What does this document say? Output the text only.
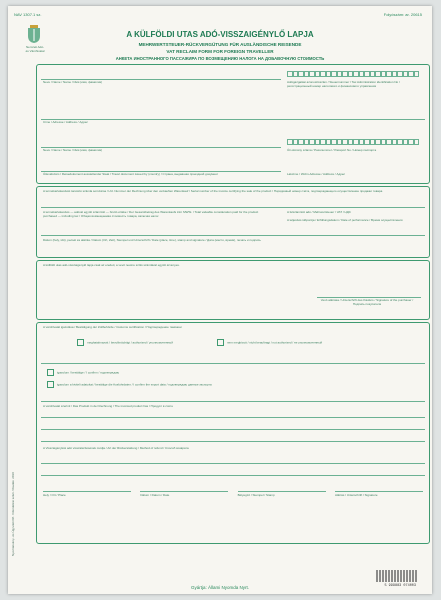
NAV 1307.1 sz.	Folyószám: ar. 20615
Nemzeti Adó-
és Vámhivatal
A KÜLFÖLDI UTAS ADÓ-VISSZAIGÉNYLŐ LAPJA
MEHRWERTSTEUER-RÜCKVERGÜTUNG FÜR AUSLÄNDISCHE REISENDE
VAT RECLAIM FORM FOR FOREIGN TRAVELLER
АНКЕТА ИНОСТРАННОГО ПАССАЖИРА ПО ВОЗМЕЩЕНИЮ НАЛОГА НА ДОБАВОЧНУЮ СТОИМОСТЬ
Neve / Name / Name / Имя (имя, фамилия)	Adóigazgatási azonosítószám / Steuernummer / Tax Administration identification No / регистрационный номер налогового и финансового управления
Címe / Adresse / Address / Адрес
Neve / Name / Name / Имя (имя, фамилия)	Úti okmány száma / Passnummer / Passport No / Номер паспорта
Útlevélszám / Reisedokument ausstellender Staat / Travel document issued by (country) / Страна, выдавшая проездной документ	Lakcíme / Wohn-Adresse / Address / Адрес
A termékértékesítést tanúsító számla sorszáma / Lfd. Nummer der Rechnung über den verkauften Warenkauf / Serial number of the invoice certifying the sale of the product / Порядковый номер счёта, подтверждающего осуществление продажи товара
A termékértékesítés — adóval együtt számított — bruttó értéke / Der Gesamtbetrag des Warenkaufs inkl. MWSt. / Total valuable consideration paid for the product purchased — including tax / Общая возмещаемая стоимость товара, включая налог
A felszámított adó / Mehrwertsteuer / VAT / НДС
A teljesítés időpontja / Erfüllungsdatum / Date of performance / Время осуществления
Dátum (hely, idő), pecsét és aláírás / Datum (Ort, Zeit), Stempel und Unterschrift / Date (place, time), stamp and signature / Дата (место, время), печать и подпись
A külföldi utas adó-visszaigénylő lapja csak az eredeti, a vevő nevére szóló számlával együtt érvényes.
Vevő aláírása / Unterschrift des Käufers / Signature of the purchaser / Подпись покупателя
A vámhivatal igazolása / Bestätigung der Zollbehörde / Customs certification / Подтверждение таможни
meghatalmazott / bevollmächtigt / authorized / уполномоченный	nem megbízott / nicht beauftragt / not authorized / не уполномоченный
igazolom / bestätige / I confirm / подтверждаю
igazolom a kiviteli adatokat / bestätige die Ausfuhrdaten / I confirm the export data / подтверждаю данные экспорта
A vámhivatal szerinti / Das Produkt in der Rechnung / The invoiced product has / Продукт в счёте
A Visszaigénylési adó visszatérítésének módja / Art der Rückerstattung / Method of refund / Способ возврата
Hely / Ort / Place	Dátum / Datum / Date	Bélyegző / Stempel / Stamp	Aláírás / Unterschrift / Signature
Nyomtatvány- és Ügyviteli Kft. / Rendelési szám / Kiadás: 2010
5 999883 074003
Gyártja: Állami Nyomda Nyrt.
